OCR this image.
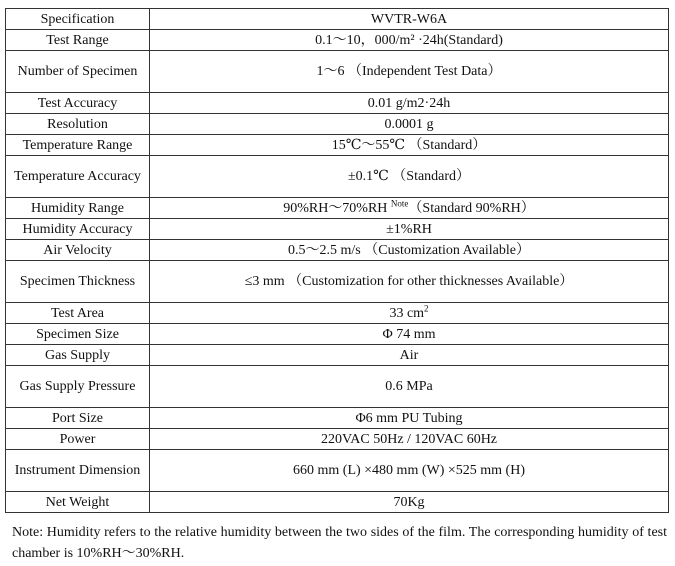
Specification	WVTR-W6A
Test Range	0.1～10，000/m² ·24h(Standard)
Number of Specimen	1～6 （Independent Test Data）
Test Accuracy	0.01 g/m2·24h
Resolution	0.0001 g
Temperature Range	15℃～55℃ （Standard）
Temperature Accuracy	±0.1℃ （Standard）
Humidity Range	90%RH～70%RH $^{Note}$（Standard 90%RH）
Humidity Accuracy	±1%RH
Air Velocity	0.5～2.5 m/s （Customization Available）
Specimen Thickness	≤3 mm （Customization for other thicknesses Available）
Test Area	33 $cm^2$
Specimen Size	Φ 74 mm
Gas Supply	Air
Gas Supply Pressure	0.6 MPa
Port Size	Φ6 mm PU Tubing
Power	220VAC 50Hz / 120VAC 60Hz
Instrument Dimension	660 mm (L) ×480 mm (W) ×525 mm (H)
Net Weight	70Kg
Note: Humidity refers to the relative humidity between the two sides of the film. The corresponding humidity of test chamber is 10%RH～30%RH.
